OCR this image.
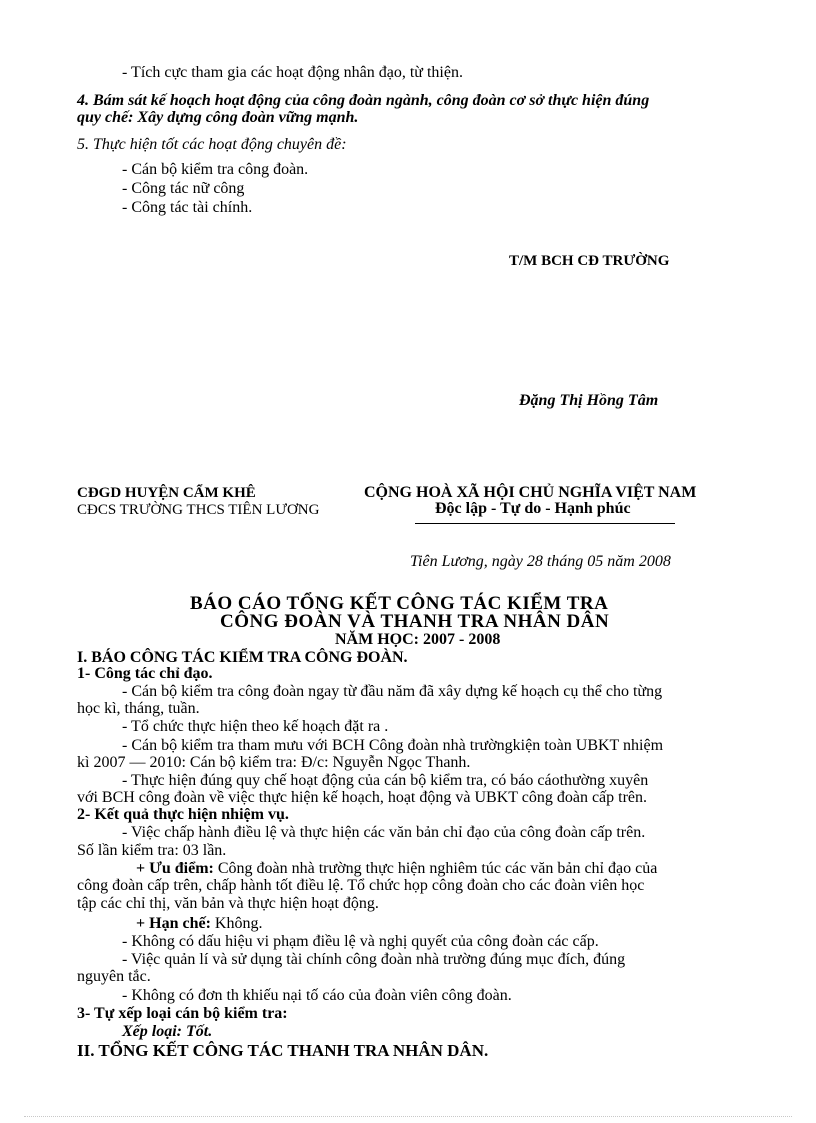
- Tích cực tham gia các hoạt động nhân đạo, từ thiện.
4. Bám sát kế hoạch hoạt động của công đoàn ngành, công đoàn cơ sở thực hiện đúng
quy chế: Xây dựng công đoàn vững mạnh.
5. Thực hiện tốt các hoạt động chuyên đề:
- Cán bộ kiểm tra công đoàn.
- Công tác nữ công
- Công tác tài chính.
T/M BCH CĐ TRƯỜNG
Đặng Thị Hồng Tâm
CĐGD HUYỆN CẨM KHÊ
CĐCS TRƯỜNG THCS TIÊN LƯƠNG
CỘNG HOÀ XÃ HỘI CHỦ NGHĨA VIỆT NAM
Độc lập - Tự do - Hạnh phúc
Tiên Lương, ngày 28 tháng 05 năm 2008
BÁO CÁO TỔNG KẾT CÔNG TÁC KIỂM TRA
CÔNG ĐOÀN VÀ THANH TRA NHÂN DÂN
NĂM HỌC: 2007 - 2008
I. BÁO CÔNG TÁC KIỂM TRA CÔNG ĐOÀN.
1- Công tác chỉ đạo.
- Cán bộ kiểm tra công đoàn ngay từ đầu năm đã xây dựng kế hoạch cụ thể cho từng
học kì, tháng, tuần.
- Tổ chức thực hiện theo kế hoạch đặt ra .
- Cán bộ kiểm tra tham mưu với BCH Công đoàn nhà trườngkiện toàn UBKT nhiệm
kì 2007 — 2010: Cán bộ kiểm tra: Đ/c: Nguyễn Ngọc Thanh.
- Thực hiện đúng quy chế hoạt động của cán bộ kiểm tra, có báo cáothường xuyên
với BCH công đoàn về việc thực hiện kế hoạch, hoạt động và UBKT công đoàn cấp trên.
2- Kết quả thực hiện nhiệm vụ.
- Việc chấp hành điều lệ và thực hiện các văn bản chỉ đạo của công đoàn cấp trên.
Số lần kiểm tra: 03 lần.
+ Ưu điểm: Công đoàn nhà trường thực hiện nghiêm túc các văn bản chỉ đạo của
công đoàn cấp trên, chấp hành tốt điều lệ. Tổ chức họp công đoàn cho các đoàn viên học
tập các chỉ thị, văn bản và thực hiện hoạt động.
+ Hạn chế: Không.
- Không có dấu hiệu vi phạm điều lệ và nghị quyết của công đoàn các cấp.
- Việc quản lí và sử dụng tài chính công đoàn nhà trường đúng mục đích, đúng
nguyên tắc.
- Không có đơn th khiếu nại tố cáo của đoàn viên công đoàn.
3- Tự xếp loại cán bộ kiểm tra:
Xếp loại: Tốt.
II. TỔNG KẾT CÔNG TÁC THANH TRA NHÂN DÂN.
